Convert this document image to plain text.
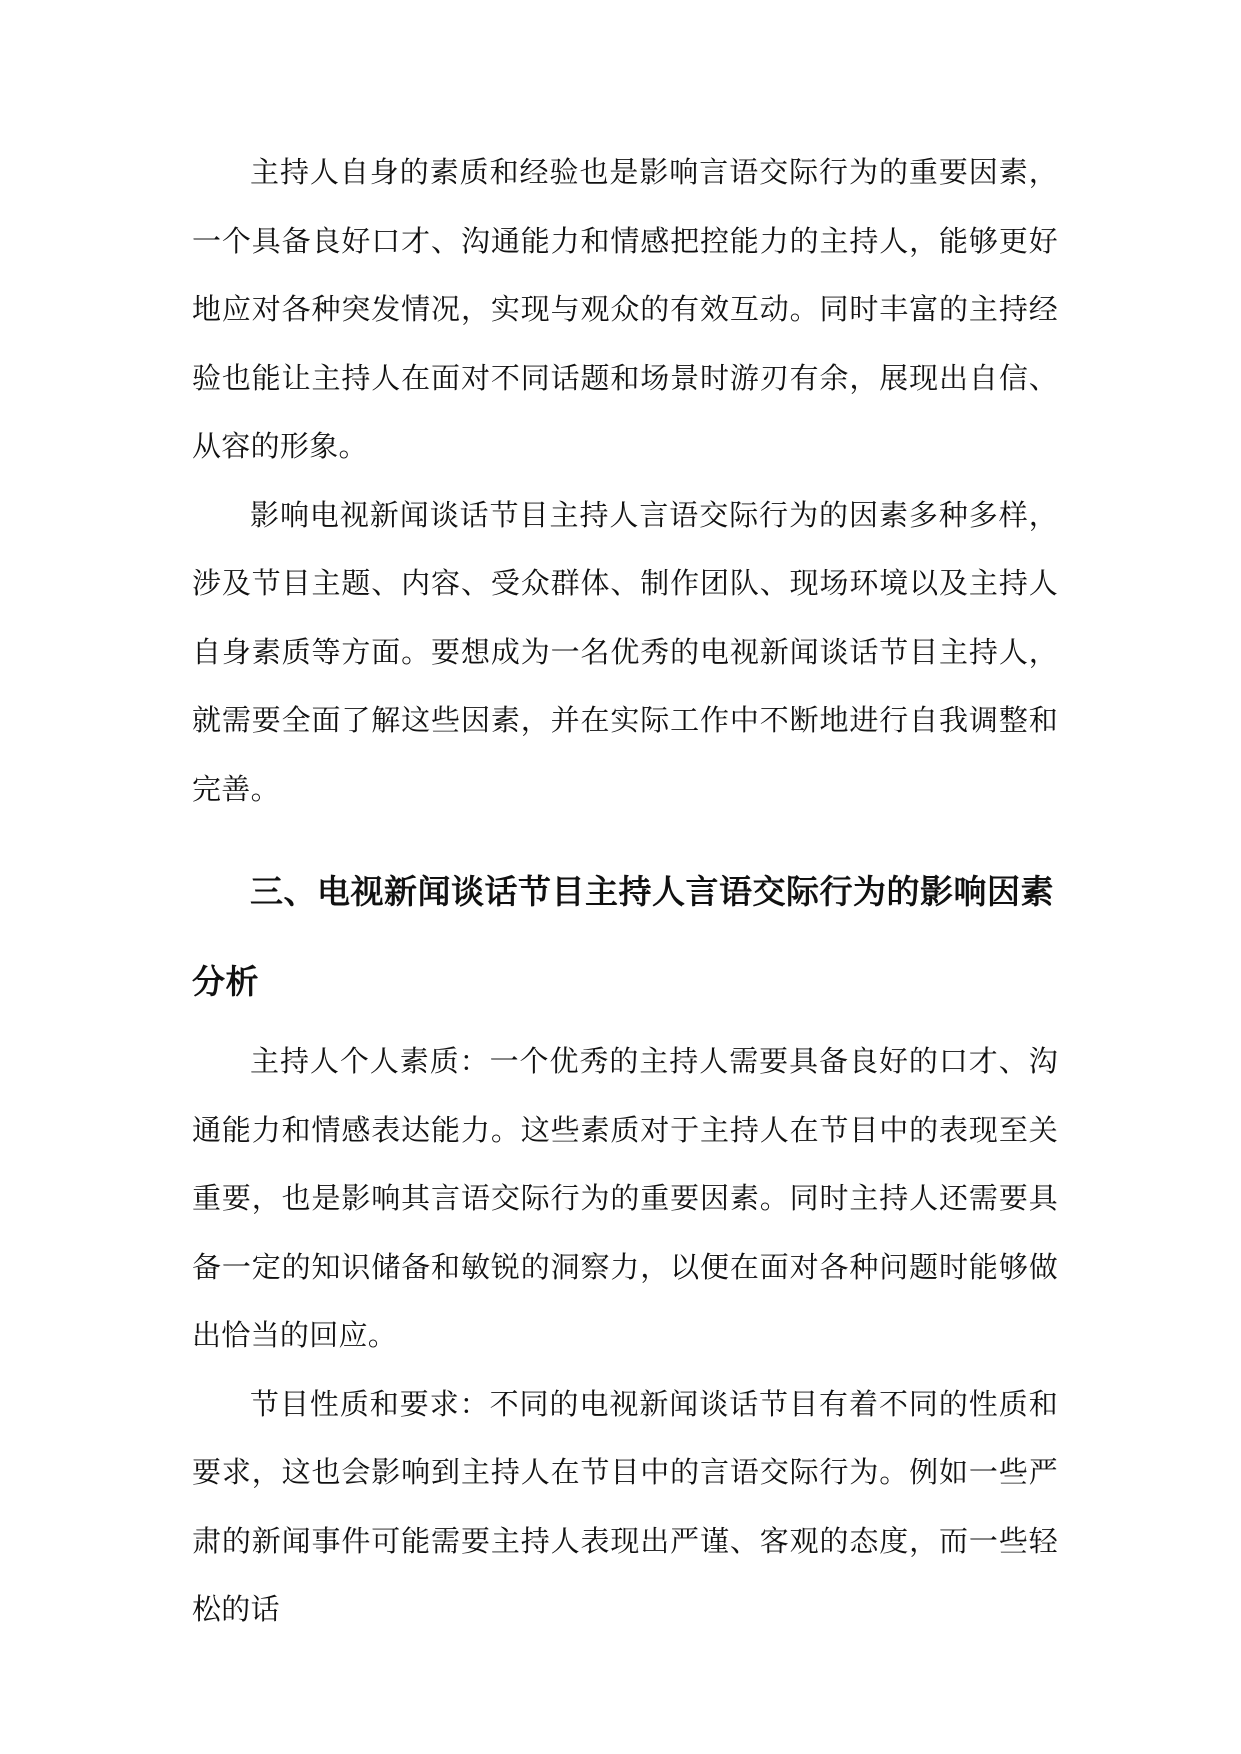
主持人自身的素质和经验也是影响言语交际行为的重要因素，一个具备良好口才、沟通能力和情感把控能力的主持人，能够更好地应对各种突发情况，实现与观众的有效互动。同时丰富的主持经验也能让主持人在面对不同话题和场景时游刃有余，展现出自信、从容的形象。

影响电视新闻谈话节目主持人言语交际行为的因素多种多样，涉及节目主题、内容、受众群体、制作团队、现场环境以及主持人自身素质等方面。要想成为一名优秀的电视新闻谈话节目主持人，就需要全面了解这些因素，并在实际工作中不断地进行自我调整和完善。

三、电视新闻谈话节目主持人言语交际行为的影响因素分析

主持人个人素质：一个优秀的主持人需要具备良好的口才、沟通能力和情感表达能力。这些素质对于主持人在节目中的表现至关重要，也是影响其言语交际行为的重要因素。同时主持人还需要具备一定的知识储备和敏锐的洞察力，以便在面对各种问题时能够做出恰当的回应。

节目性质和要求：不同的电视新闻谈话节目有着不同的性质和要求，这也会影响到主持人在节目中的言语交际行为。例如一些严肃的新闻事件可能需要主持人表现出严谨、客观的态度，而一些轻松的话
